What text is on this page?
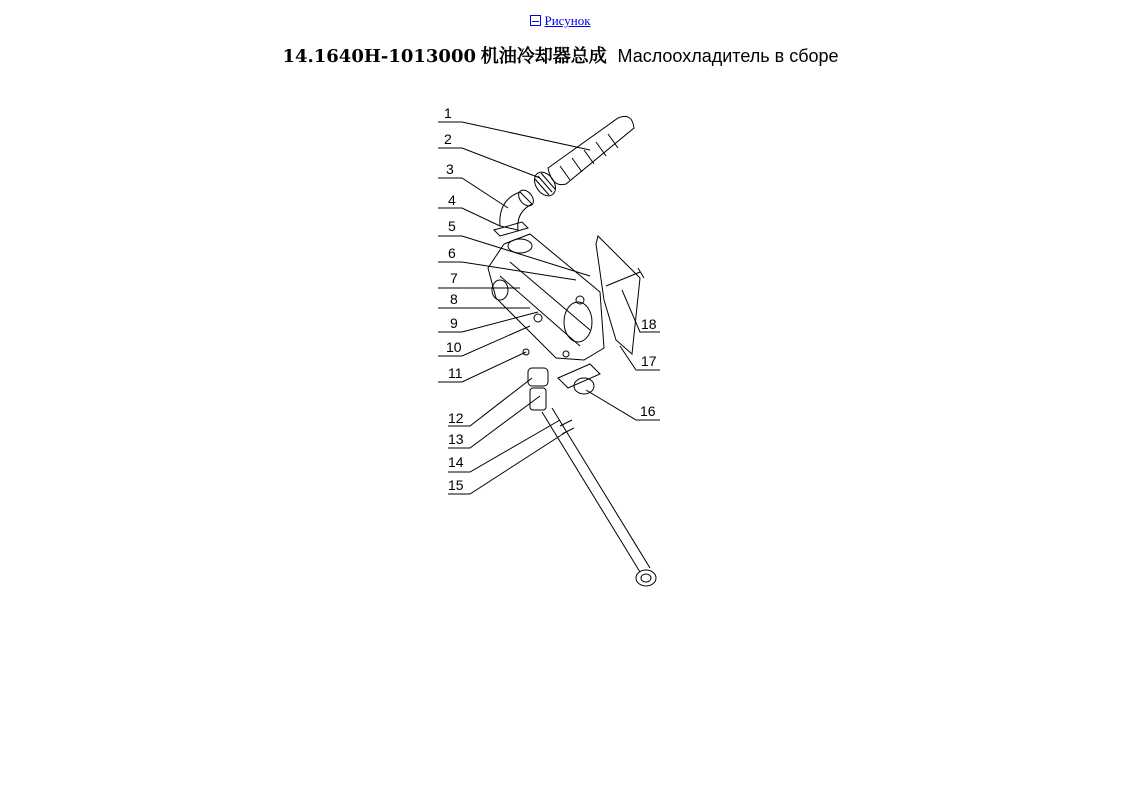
Рисунок
14.1640H-1013000 机油冷却器总成 Маслоохладитель в сборе
1
2
3
4
5
6
7
8
9
10
11
12
13
14
15
16
17
18
